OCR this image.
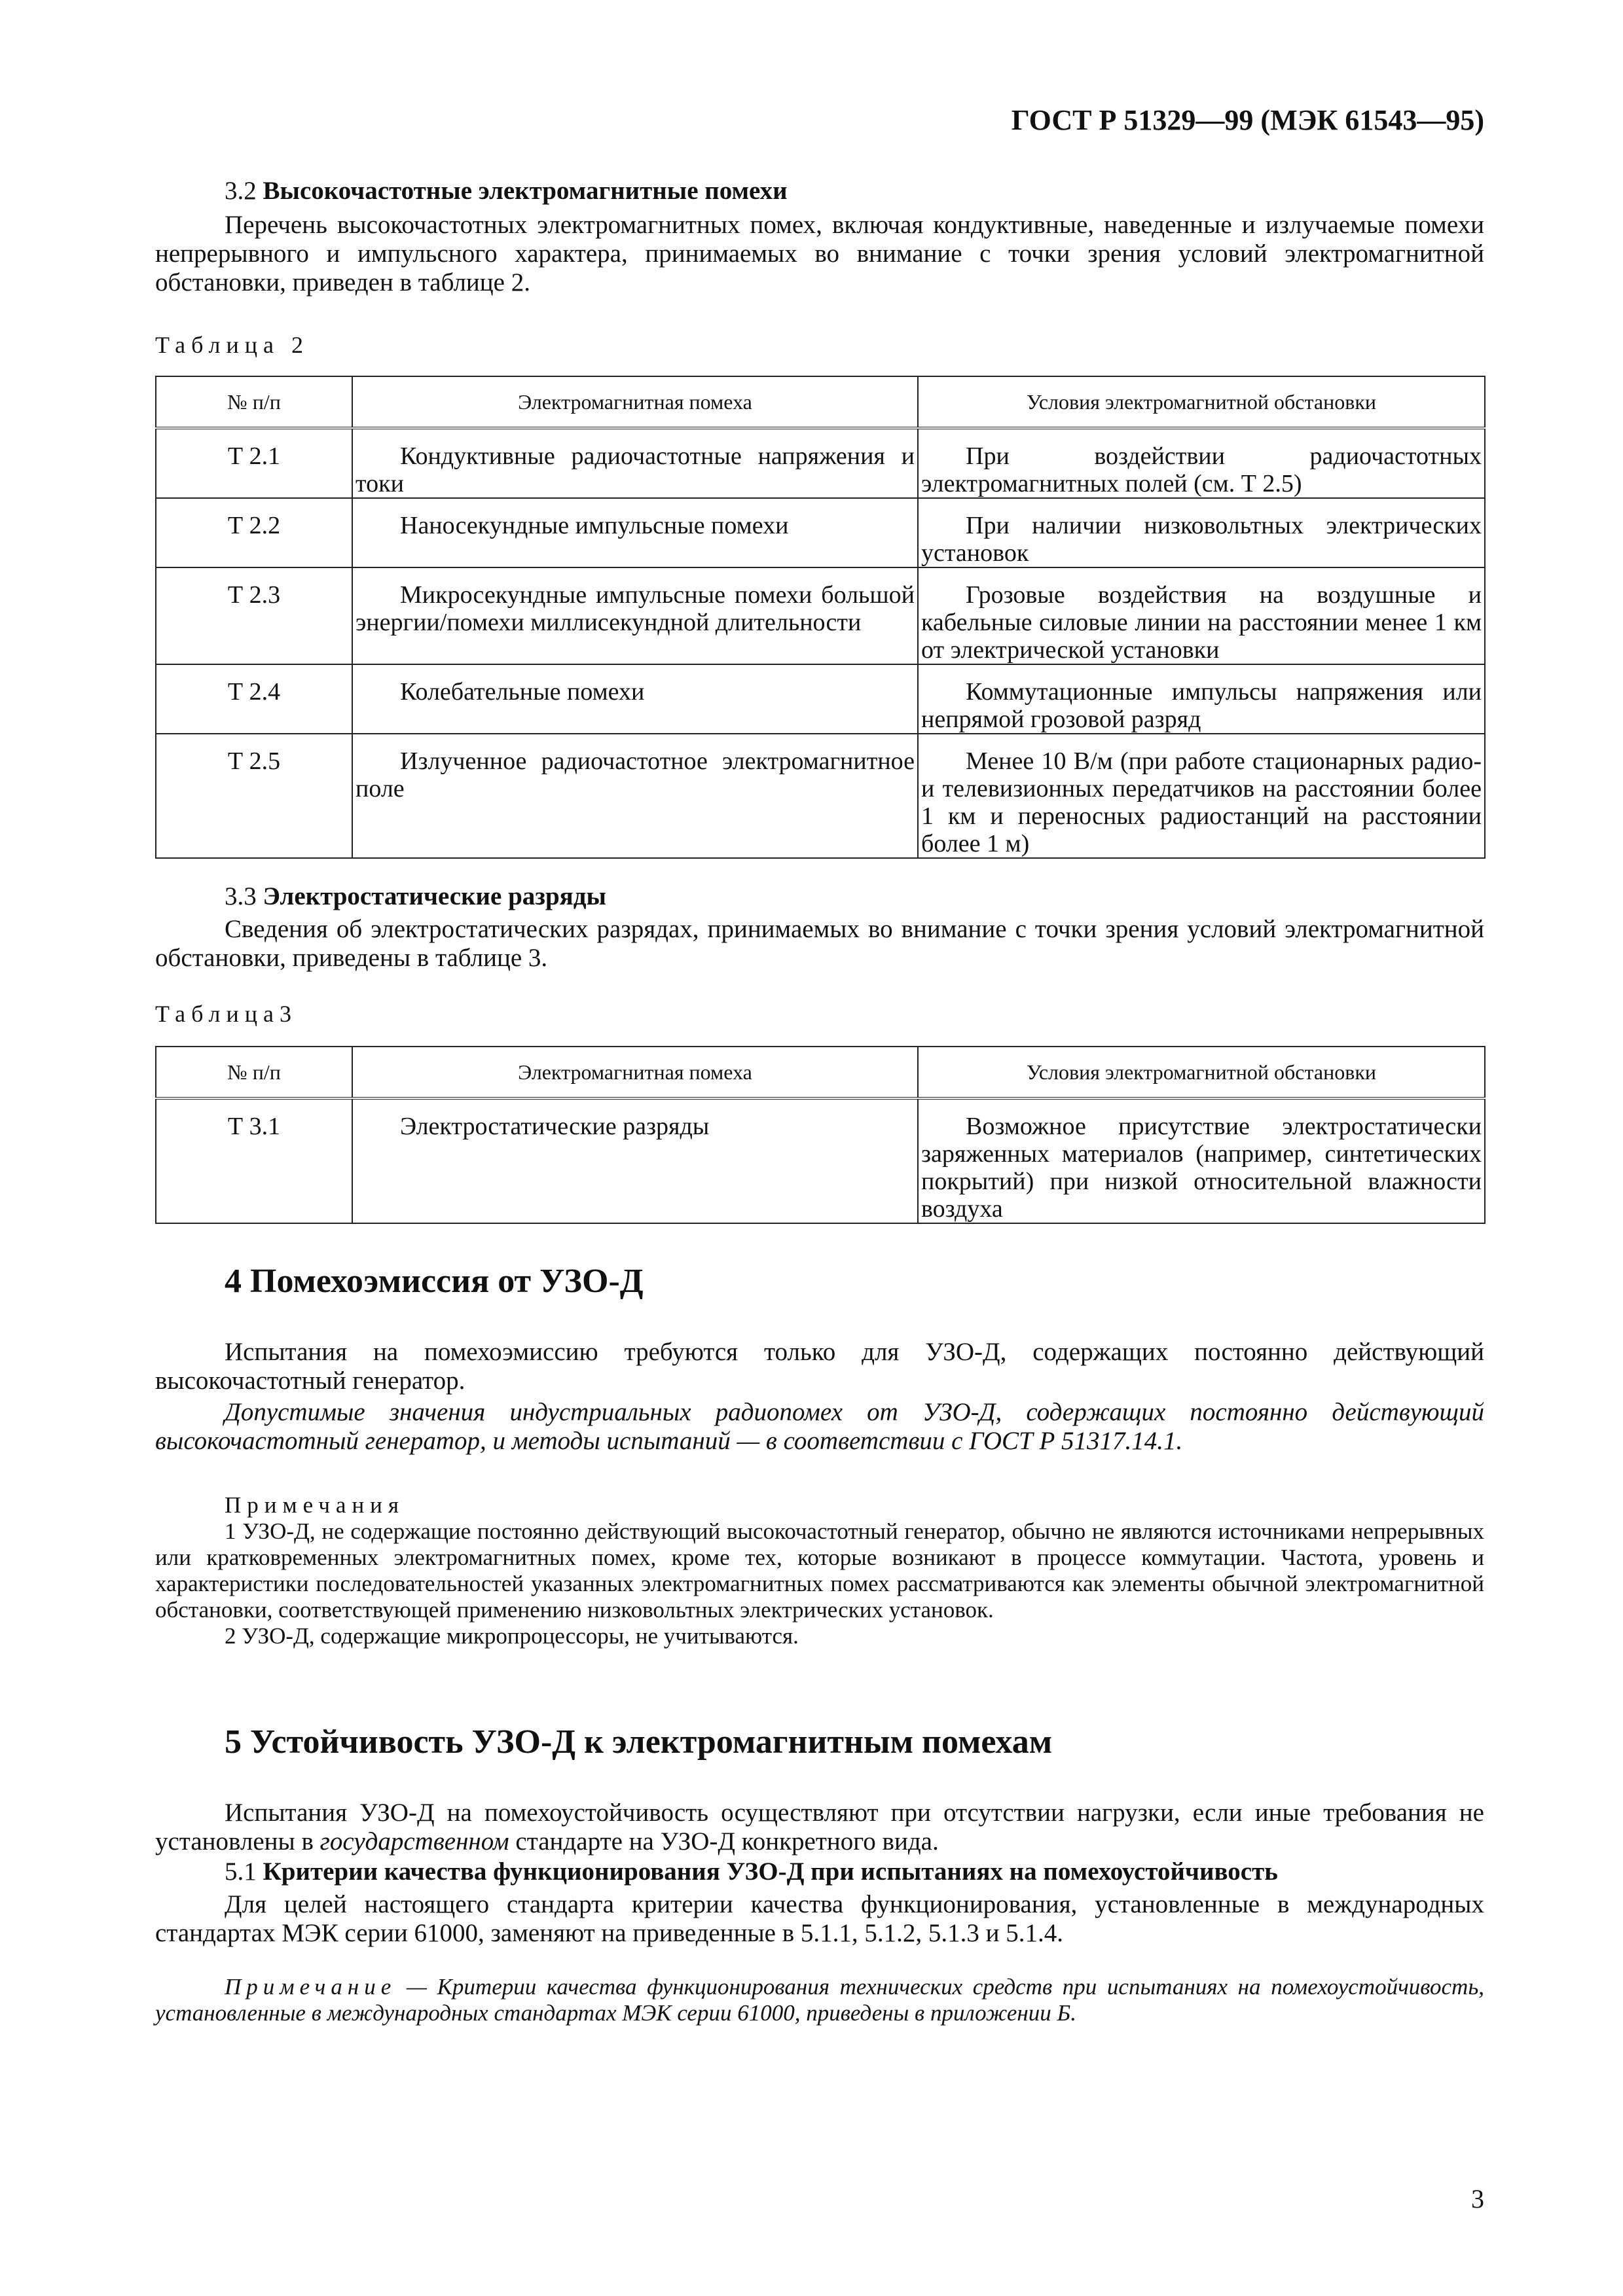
ГОСТ Р 51329—99 (МЭК 61543—95)
3.2 Высокочастотные электромагнитные помехи
Перечень высокочастотных электромагнитных помех, включая кондуктивные, наведенные и излучаемые помехи непрерывного и импульсного характера, принимаемых во внимание с точки зрения условий электромагнитной обстановки, приведен в таблице 2.
Таблица 2
№ п/п	Электромагнитная помеха	Условия электромагнитной обстановки
Т 2.1	Кондуктивные радиочастотные напряжения и токи	При воздействии радиочастотных электромагнитных полей (см. Т 2.5)
Т 2.2	Наносекундные импульсные помехи	При наличии низковольтных электрических установок
Т 2.3	Микросекундные импульсные помехи большой энергии/помехи миллисекундной длительности	Грозовые воздействия на воздушные и кабельные силовые линии на расстоянии менее 1 км от электрической установки
Т 2.4	Колебательные помехи	Коммутационные импульсы напряжения или непрямой грозовой разряд
Т 2.5	Излученное радиочастотное электромагнитное поле	Менее 10 В/м (при работе стационарных радио- и телевизионных передатчиков на расстоянии более 1 км и переносных радиостанций на расстоянии более 1 м)
3.3 Электростатические разряды
Сведения об электростатических разрядах, принимаемых во внимание с точки зрения условий электромагнитной обстановки, приведены в таблице 3.
Таблица3
№ п/п	Электромагнитная помеха	Условия электромагнитной обстановки
Т 3.1	Электростатические разряды	Возможное присутствие электростатически заряженных материалов (например, синтетических покрытий) при низкой относительной влажности воздуха
4 Помехоэмиссия от УЗО-Д
Испытания на помехоэмиссию требуются только для УЗО-Д, содержащих постоянно действующий высокочастотный генератор.
Допустимые значения индустриальных радиопомех от УЗО-Д, содержащих постоянно действующий высокочастотный генератор, и методы испытаний — в соответствии с ГОСТ Р 51317.14.1.
Примечания
1 УЗО-Д, не содержащие постоянно действующий высокочастотный генератор, обычно не являются источниками непрерывных или кратковременных электромагнитных помех, кроме тех, которые возникают в процессе коммутации. Частота, уровень и характеристики последовательностей указанных электромагнитных помех рассматриваются как элементы обычной электромагнитной обстановки, соответствующей применению низковольтных электрических установок.
2 УЗО-Д, содержащие микропроцессоры, не учитываются.
5 Устойчивость УЗО-Д к электромагнитным помехам
Испытания УЗО-Д на помехоустойчивость осуществляют при отсутствии нагрузки, если иные требования не установлены в государственном стандарте на УЗО-Д конкретного вида.
5.1 Критерии качества функционирования УЗО-Д при испытаниях на помехоустойчивость
Для целей настоящего стандарта критерии качества функционирования, установленные в международных стандартах МЭК серии 61000, заменяют на приведенные в 5.1.1, 5.1.2, 5.1.3 и 5.1.4.
Примечание — Критерии качества функционирования технических средств при испытаниях на помехоустойчивость, установленные в международных стандартах МЭК серии 61000, приведены в приложении Б.
3
